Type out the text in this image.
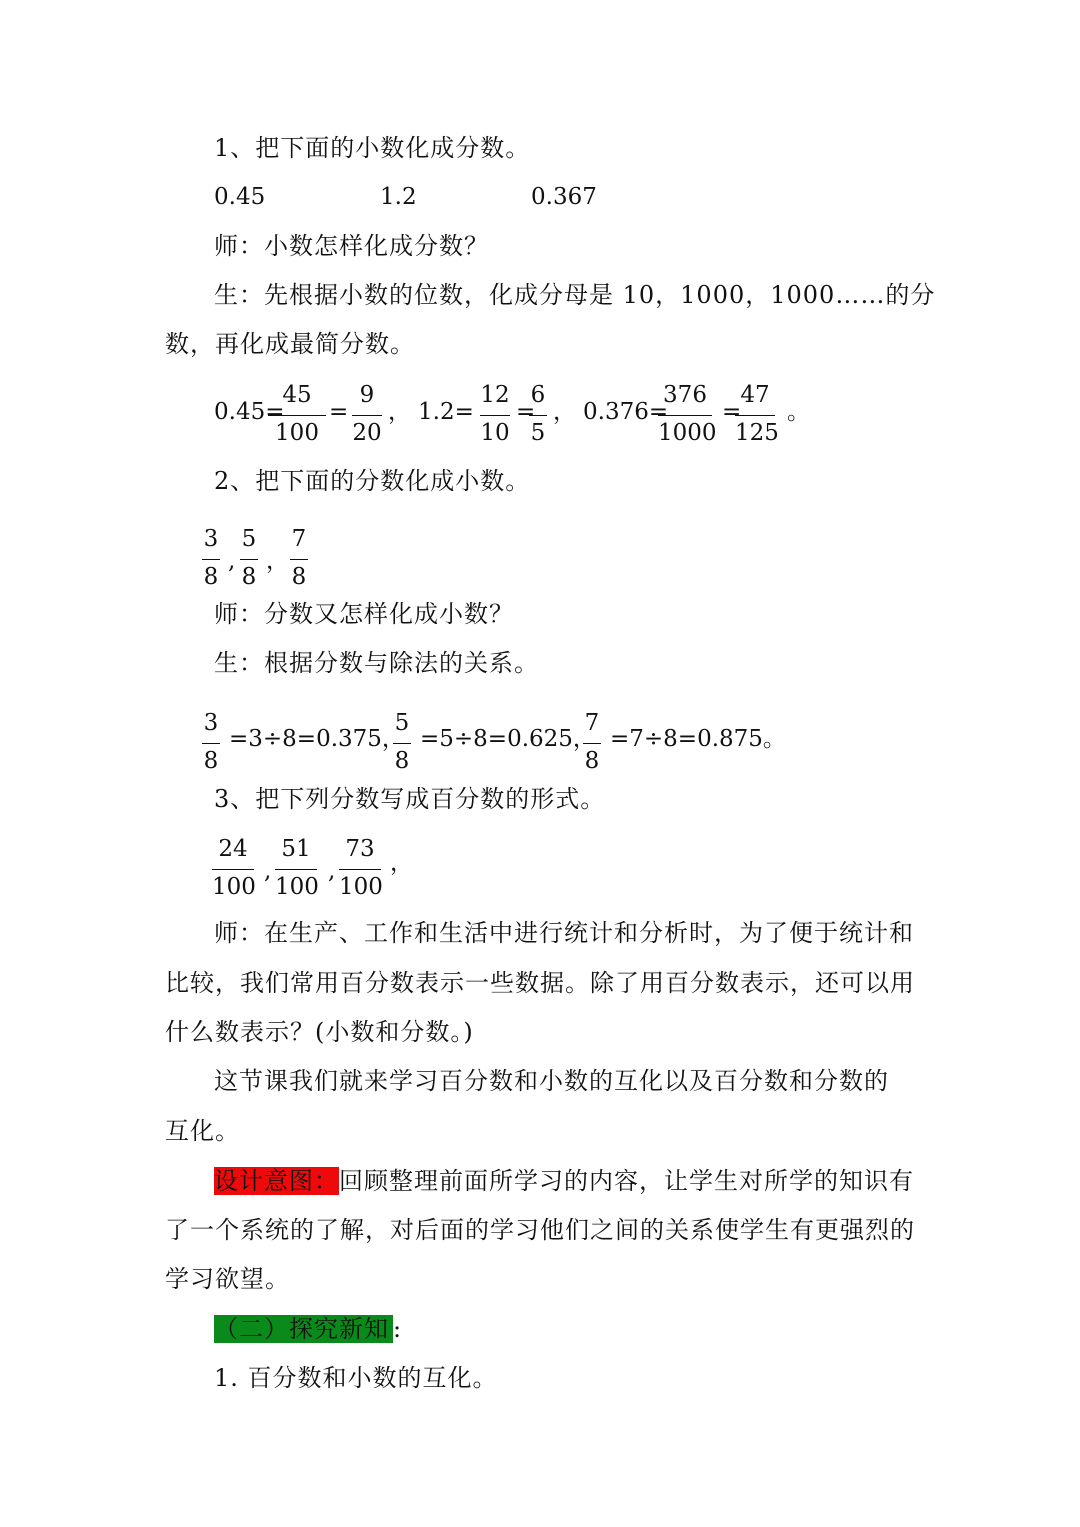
1、把下面的小数化成分数。
0.45	1.2	0.367
师：小数怎样化成分数？
生：先根据小数的位数，化成分母是 10，1000，1000……的分
数，再化成最简分数。
0.45=
45
100
=
9
20
， 1.2=
12
10
=
6
5
， 0.376=
376
1000
=
47
125
。
2、把下面的分数化成小数。
3
8
,
5
8
，
7
8
师：分数又怎样化成小数？
生：根据分数与除法的关系。
3
8
=3÷8=0.375，
5
8
=5÷8=0.625，
7
8
=7÷8=0.875。
3、把下列分数写成百分数的形式。
24
100
,
51
100
,
73
100
，
师：在生产、工作和生活中进行统计和分析时，为了便于统计和
比较，我们常用百分数表示一些数据。除了用百分数表示，还可以用
什么数表示？(小数和分数。)
这节课我们就来学习百分数和小数的互化以及百分数和分数的
互化。
设计意图：回顾整理前面所学习的内容，让学生对所学的知识有
了一个系统的了解，对后面的学习他们之间的关系使学生有更强烈的
学习欲望。
（二）探究新知 :
1. 百分数和小数的互化。
